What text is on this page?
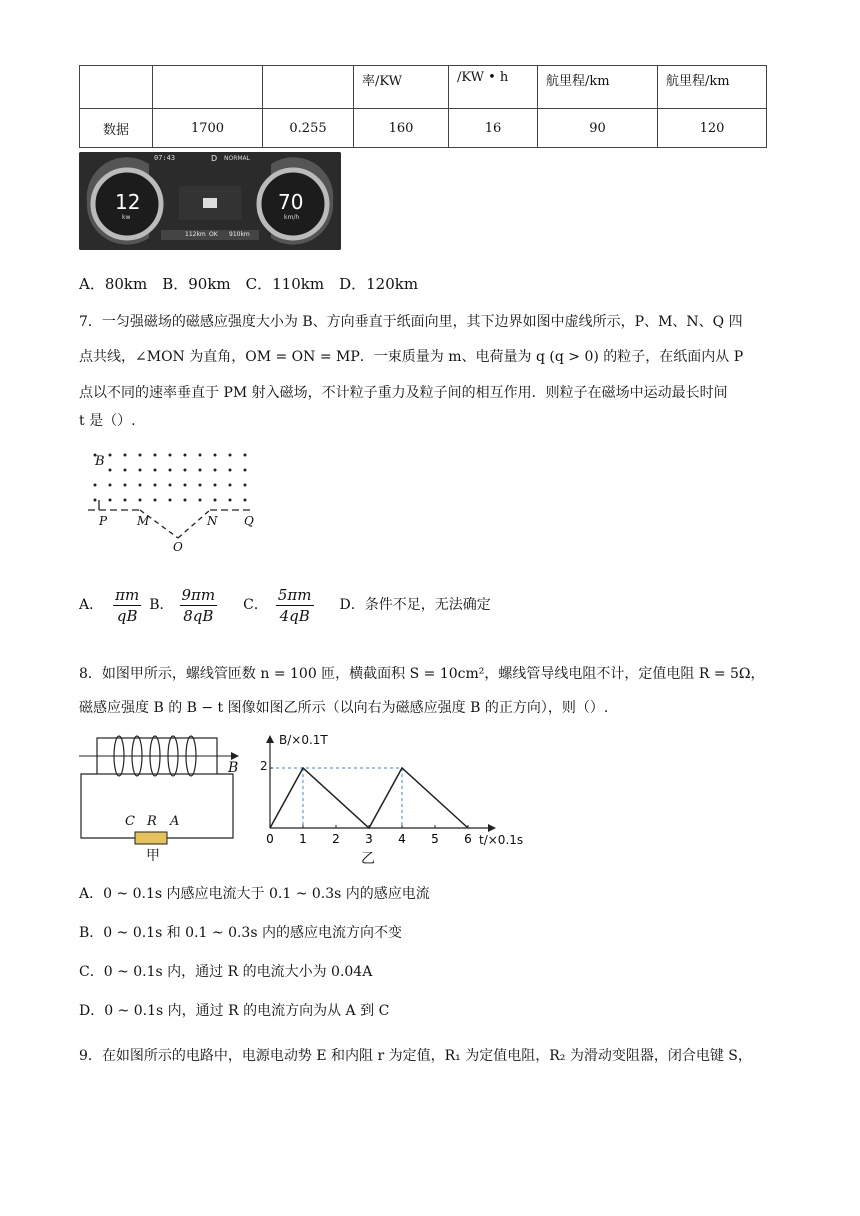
			率/KW	/KW • h	航里程/km	航里程/km
数据	1700	0.255	160	16	90	120
07:43	D NORMAL
12
kw
70
km/h
112km OK 910km
A．80km　B．90km　C．110km　D．120km
7．一匀强磁场的磁感应强度大小为 B、方向垂直于纸面向里，其下边界如图中虚线所示，P、M、N、Q 四
点共线，∠MON 为直角，OM = ON = MP．一束质量为 m、电荷量为 q (q > 0) 的粒子，在纸面内从 P
点以不同的速率垂直于 PM 射入磁场，不计粒子重力及粒子间的相互作用．则粒子在磁场中运动最长时间
t 是（）.
B
P M	N Q
O
A． $\frac{\pi m}{qB}$ B． $\frac{9\pi m}{8qB}$ C． $\frac{5\pi m}{4qB}$ D．条件不足，无法确定
8．如图甲所示，螺线管匝数 n = 100 匝，横截面积 S = 10cm²，螺线管导线电阻不计，定值电阻 R = 5Ω，
磁感应强度 B 的 B − t 图像如图乙所示（以向右为磁感应强度 B 的正方向），则（）.
B
C R A
甲
0 1 2 3 4 5 6
B/×0.1T
t/×0.1s
2
乙
A．0 ~ 0.1s 内感应电流大于 0.1 ~ 0.3s 内的感应电流
B．0 ~ 0.1s 和 0.1 ~ 0.3s 内的感应电流方向不变
C．0 ~ 0.1s 内，通过 R 的电流大小为 0.04A
D．0 ~ 0.1s 内，通过 R 的电流方向为从 A 到 C
9．在如图所示的电路中，电源电动势 E 和内阻 r 为定值，R₁ 为定值电阻，R₂ 为滑动变阻器，闭合电键 S，
